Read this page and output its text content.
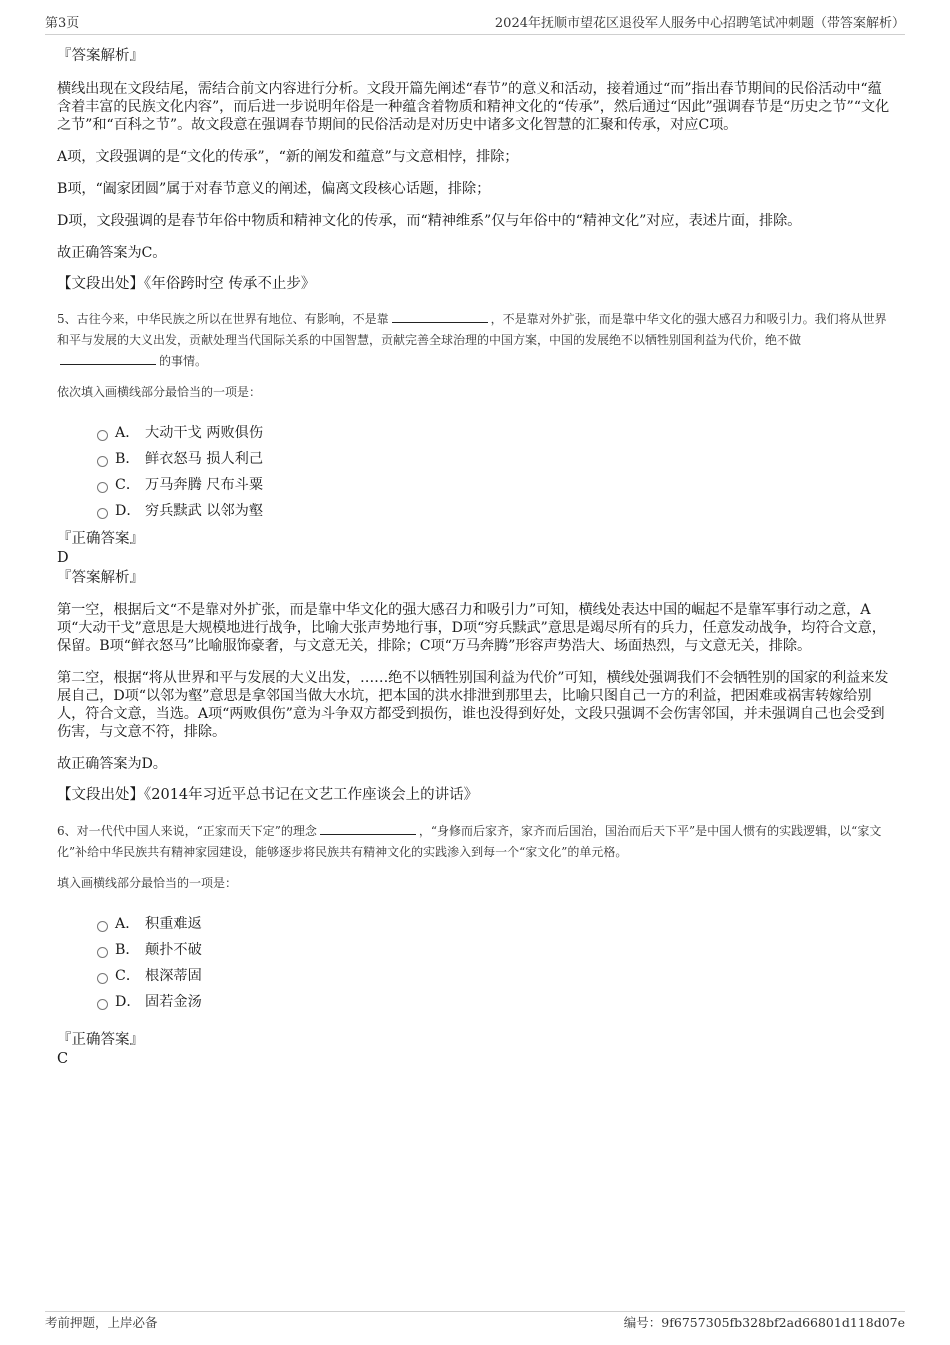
第3页	2024年抚顺市望花区退役军人服务中心招聘笔试冲刺题（带答案解析）

『答案解析』

横线出现在文段结尾，需结合前文内容进行分析。文段开篇先阐述“春节”的意义和活动，接着通过“而”指出春节期间的民俗活动中“蕴含着丰富的民族文化内容”，而后进一步说明年俗是一种蕴含着物质和精神文化的“传承”，然后通过“因此”强调春节是“历史之节”“文化之节”和“百科之节”。故文段意在强调春节期间的民俗活动是对历史中诸多文化智慧的汇聚和传承，对应C项。

A项，文段强调的是“文化的传承”，“新的阐发和蕴意”与文意相悖，排除；

B项，“阖家团圆”属于对春节意义的阐述，偏离文段核心话题，排除；

D项，文段强调的是春节年俗中物质和精神文化的传承，而“精神维系”仅与年俗中的“精神文化”对应，表述片面，排除。

故正确答案为C。

【文段出处】《年俗跨时空 传承不止步》

5、古往今来，中华民族之所以在世界有地位、有影响，不是靠	，不是靠对外扩张，而是靠中华文化的强大感召力和吸引力。我们将从世界和平与发展的大义出发，贡献处理当代国际关系的中国智慧，贡献完善全球治理的中国方案，中国的发展绝不以牺牲别国利益为代价，绝不做的事情。

依次填入画横线部分最恰当的一项是：

A． 大动干戈 两败俱伤
B． 鲜衣怒马 损人利己
C． 万马奔腾 尺布斗粟
D． 穷兵黩武 以邻为壑

『正确答案』

D

『答案解析』

第一空，根据后文“不是靠对外扩张，而是靠中华文化的强大感召力和吸引力”可知，横线处表达中国的崛起不是靠军事行动之意，A项“大动干戈”意思是大规模地进行战争，比喻大张声势地行事，D项“穷兵黩武”意思是竭尽所有的兵力，任意发动战争，均符合文意，保留。B项“鲜衣怒马”比喻服饰豪奢，与文意无关，排除；C项“万马奔腾”形容声势浩大、场面热烈，与文意无关，排除。

第二空，根据“将从世界和平与发展的大义出发，……绝不以牺牲别国利益为代价”可知，横线处强调我们不会牺牲别的国家的利益来发展自己，D项“以邻为壑”意思是拿邻国当做大水坑，把本国的洪水排泄到那里去，比喻只图自己一方的利益，把困难或祸害转嫁给别人，符合文意，当选。A项“两败俱伤”意为斗争双方都受到损伤，谁也没得到好处，文段只强调不会伤害邻国，并未强调自己也会受到伤害，与文意不符，排除。

故正确答案为D。

【文段出处】《2014年习近平总书记在文艺工作座谈会上的讲话》

6、对一代代中国人来说，“正家而天下定”的理念	，“身修而后家齐，家齐而后国治，国治而后天下平”是中国人惯有的实践逻辑，以“家文化”补给中华民族共有精神家园建设，能够逐步将民族共有精神文化的实践渗入到每一个“家文化”的单元格。

填入画横线部分最恰当的一项是：

A． 积重难返
B． 颠扑不破
C． 根深蒂固
D． 固若金汤

『正确答案』

C

考前押题，上岸必备	编号：9f6757305fb328bf2ad66801d118d07e
